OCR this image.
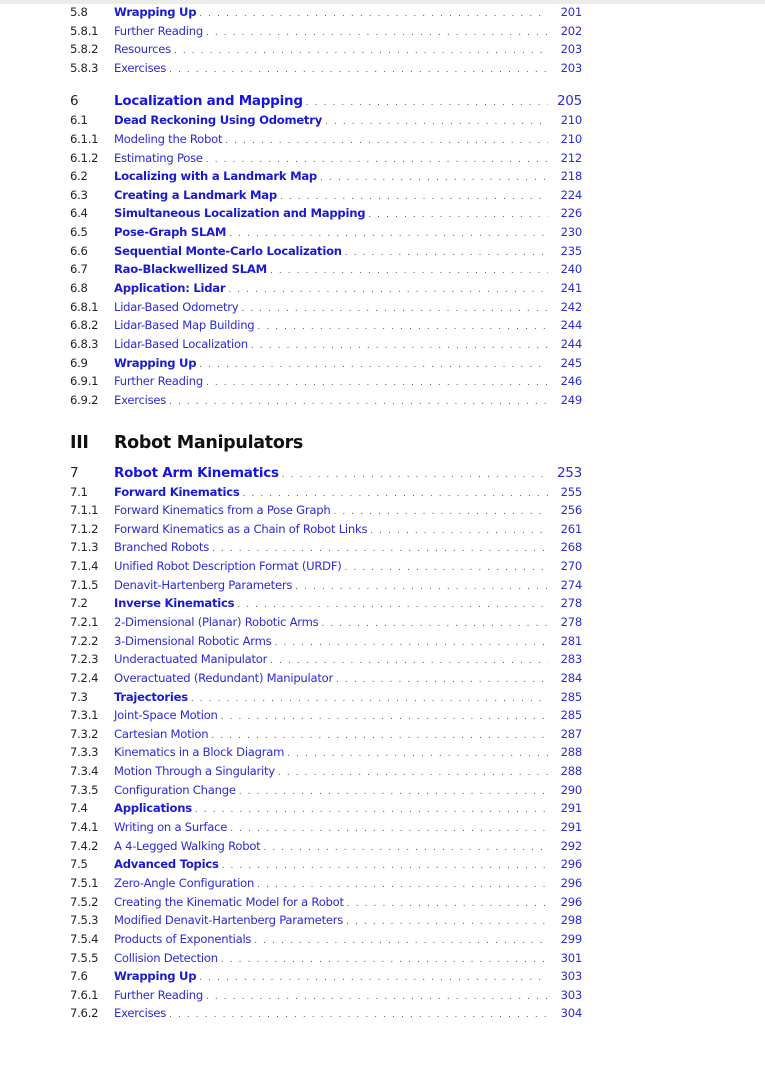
5.8	Wrapping Up . . .	201
5.8.1	Further Reading . . .	202
5.8.2	Resources . . .	203
5.8.3	Exercises . . .	203
6	Localization and Mapping . . .	205
6.1	Dead Reckoning Using Odometry . . .	210
6.1.1	Modeling the Robot . . .	210
6.1.2	Estimating Pose . . .	212
6.2	Localizing with a Landmark Map . . .	218
6.3	Creating a Landmark Map . . .	224
6.4	Simultaneous Localization and Mapping . . .	226
6.5	Pose-Graph SLAM . . .	230
6.6	Sequential Monte-Carlo Localization . . .	235
6.7	Rao-Blackwellized SLAM . . .	240
6.8	Application: Lidar . . .	241
6.8.1	Lidar-Based Odometry . . .	242
6.8.2	Lidar-Based Map Building . . .	244
6.8.3	Lidar-Based Localization . . .	244
6.9	Wrapping Up . . .	245
6.9.1	Further Reading . . .	246
6.9.2	Exercises . . .	249
III	Robot Manipulators
7	Robot Arm Kinematics . . .	253
7.1	Forward Kinematics . . .	255
7.1.1	Forward Kinematics from a Pose Graph . . .	256
7.1.2	Forward Kinematics as a Chain of Robot Links . . .	261
7.1.3	Branched Robots . . .	268
7.1.4	Unified Robot Description Format (URDF) . . .	270
7.1.5	Denavit-Hartenberg Parameters . . .	274
7.2	Inverse Kinematics . . .	278
7.2.1	2-Dimensional (Planar) Robotic Arms . . .	278
7.2.2	3-Dimensional Robotic Arms . . .	281
7.2.3	Underactuated Manipulator . . .	283
7.2.4	Overactuated (Redundant) Manipulator . . .	284
7.3	Trajectories . . .	285
7.3.1	Joint-Space Motion . . .	285
7.3.2	Cartesian Motion . . .	287
7.3.3	Kinematics in a Block Diagram . . .	288
7.3.4	Motion Through a Singularity . . .	288
7.3.5	Configuration Change . . .	290
7.4	Applications . . .	291
7.4.1	Writing on a Surface . . .	291
7.4.2	A 4-Legged Walking Robot . . .	292
7.5	Advanced Topics . . .	296
7.5.1	Zero-Angle Configuration . . .	296
7.5.2	Creating the Kinematic Model for a Robot . . .	296
7.5.3	Modified Denavit-Hartenberg Parameters . . .	298
7.5.4	Products of Exponentials . . .	299
7.5.5	Collision Detection . . .	301
7.6	Wrapping Up . . .	303
7.6.1	Further Reading . . .	303
7.6.2	Exercises . . .	304
